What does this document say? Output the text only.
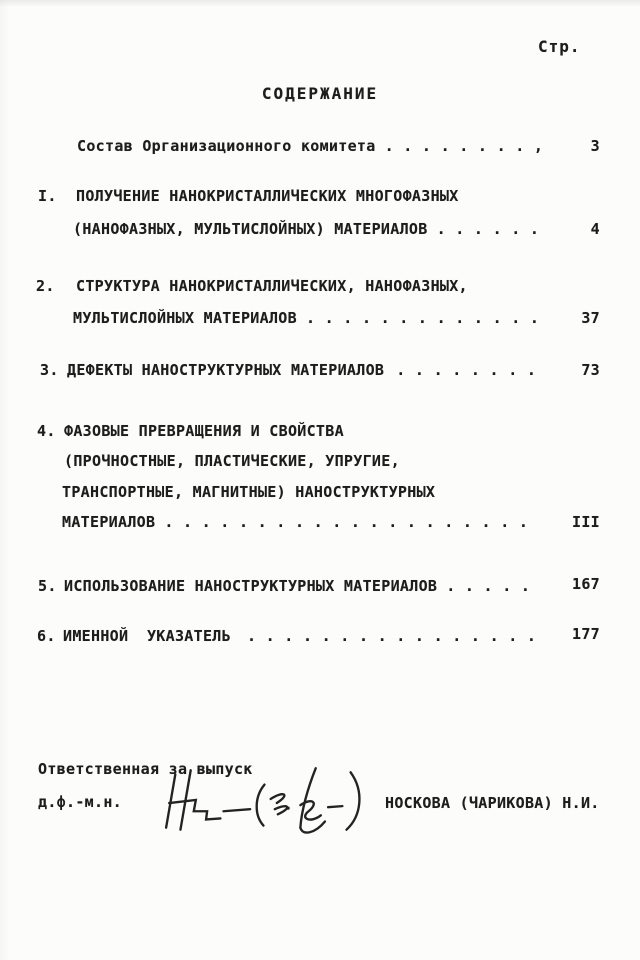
Стр.
СОДЕРЖАНИЕ
Состав Организационного комитета . . . . . . . . ,	3
I. ПОЛУЧЕНИЕ НАНОКРИСТАЛЛИЧЕСКИХ МНОГОФАЗНЫХ
(НАНОФАЗНЫХ, МУЛЬТИСЛОЙНЫХ) МАТЕРИАЛОВ . . . . . .	4
2. СТРУКТУРА НАНОКРИСТАЛЛИЧЕСКИХ, НАНОФАЗНЫХ,
МУЛЬТИСЛОЙНЫХ МАТЕРИАЛОВ . . . . . . . . . . . . .	37
3. ДЕФЕКТЫ НАНОСТРУКТУРНЫХ МАТЕРИАЛОВ . . . . . . . .	73
4. ФАЗОВЫЕ ПРЕВРАЩЕНИЯ И СВОЙСТВА
(ПРОЧНОСТНЫЕ, ПЛАСТИЧЕСКИЕ, УПРУГИЕ,
ТРАНСПОРТНЫЕ, МАГНИТНЫЕ) НАНОСТРУКТУРНЫХ
МАТЕРИАЛОВ . . . . . . . . . . . . . . . . . . . .	III
5. ИСПОЛЬЗОВАНИЕ НАНОСТРУКТУРНЫХ МАТЕРИАЛОВ . . . . .	167
6. ИМЕННОЙ  УКАЗАТЕЛЬ . . . . . . . . . . . . . . . .	177
Ответственная за выпуск
д.ф.-м.н.	НОСКОВА (ЧАРИКОВА) Н.И.
